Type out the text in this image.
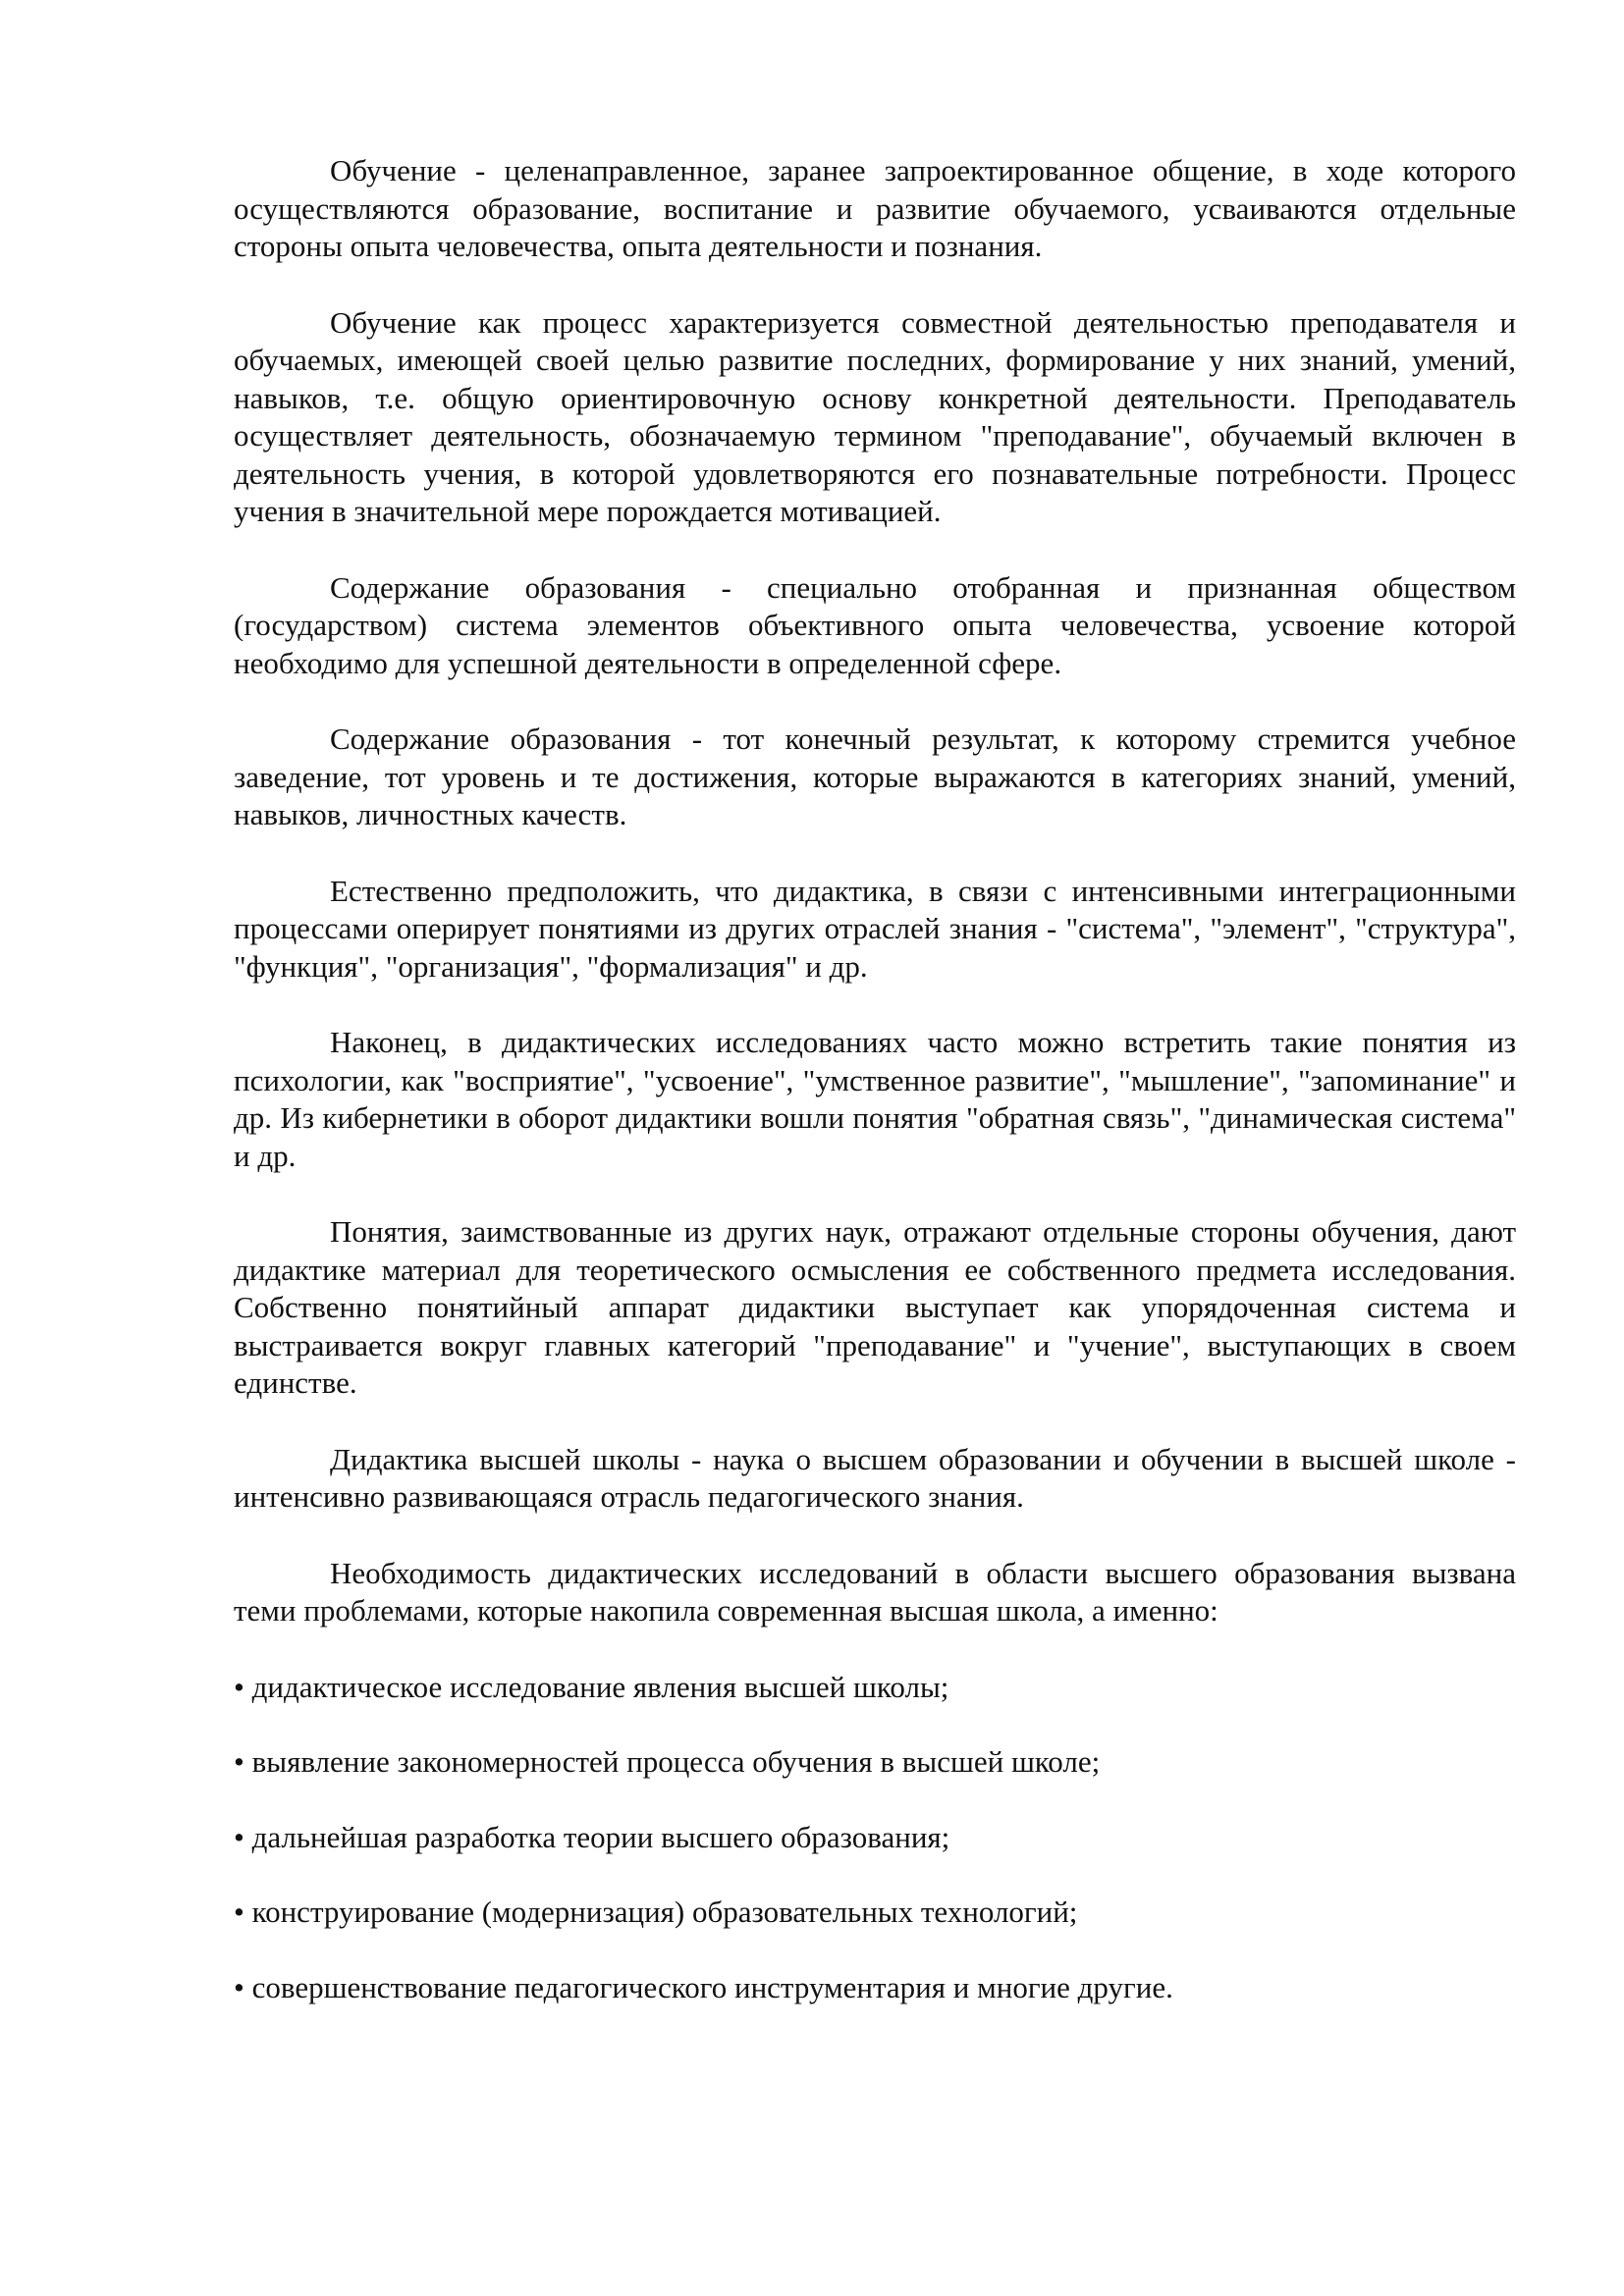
Обучение - целенаправленное, заранее запроектированное общение, в ходе которого осуществляются образование, воспитание и развитие обучаемого, усваиваются отдельные стороны опыта человечества, опыта деятельности и познания.

Обучение как процесс характеризуется совместной деятельностью преподавателя и обучаемых, имеющей своей целью развитие последних, формирование у них знаний, умений, навыков, т.е. общую ориентировочную основу конкретной деятельности. Преподаватель осуществляет деятельность, обозначаемую термином "преподавание", обучаемый включен в деятельность учения, в которой удовлетворяются его познавательные потребности. Процесс учения в значительной мере порождается мотивацией.

Содержание образования - специально отобранная и признанная обществом (государством) система элементов объективного опыта человечества, усвоение которой необходимо для успешной деятельности в определенной сфере.

Содержание образования - тот конечный результат, к которому стремится учебное заведение, тот уровень и те достижения, которые выражаются в категориях знаний, умений, навыков, личностных качеств.

Естественно предположить, что дидактика, в связи с интенсивными интеграционными процессами оперирует понятиями из других отраслей знания - "система", "элемент", "структура", "функция", "организация", "формализация" и др.

Наконец, в дидактических исследованиях часто можно встретить такие понятия из психологии, как "восприятие", "усвоение", "умственное развитие", "мышление", "запоминание" и др. Из кибернетики в оборот дидактики вошли понятия "обратная связь", "динамическая система" и др.

Понятия, заимствованные из других наук, отражают отдельные стороны обучения, дают дидактике материал для теоретического осмысления ее собственного предмета исследования. Собственно понятийный аппарат дидактики выступает как упорядоченная система и выстраивается вокруг главных категорий "преподавание" и "учение", выступающих в своем единстве.

Дидактика высшей школы - наука о высшем образовании и обучении в высшей школе - интенсивно развивающаяся отрасль педагогического знания.

Необходимость дидактических исследований в области высшего образования вызвана теми проблемами, которые накопила современная высшая школа, а именно:

• дидактическое исследование явления высшей школы;
• выявление закономерностей процесса обучения в высшей школе;
• дальнейшая разработка теории высшего образования;
• конструирование (модернизация) образовательных технологий;
• совершенствование педагогического инструментария и многие другие.
